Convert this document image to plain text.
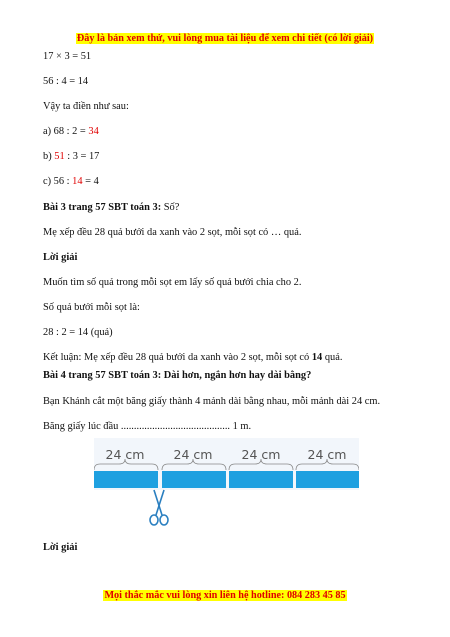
Đây là bản xem thử, vui lòng mua tài liệu để xem chi tiết (có lời giải)
17 × 3 = 51
56 : 4 = 14
Vậy ta điền như sau:
a) 68 : 2 = 34
b) 51 : 3 = 17
c) 56 : 14 = 4
Bài 3 trang 57 SBT toán 3: Số?
Mẹ xếp đều 28 quả bưởi da xanh vào 2 sọt, mỗi sọt có … quả.
Lời giải
Muốn tìm số quả trong mỗi sọt em lấy số quả bưởi chia cho 2.
Số quả bưởi mỗi sọt là:
28 : 2 = 14 (quả)
Kết luận: Mẹ xếp đều 28 quả bưởi da xanh vào 2 sọt, mỗi sọt có 14 quả.
Bài 4 trang 57 SBT toán 3: Dài hơn, ngắn hơn hay dài bằng?
Bạn Khánh cắt một băng giấy thành 4 mảnh dài bằng nhau, mỗi mảnh dài 24 cm.
Băng giấy lúc đầu .......................................... 1 m.
24 cm 24 cm 24 cm 24 cm
Lời giải
Mọi thắc mắc vui lòng xin liên hệ hotline: 084 283 45 85
